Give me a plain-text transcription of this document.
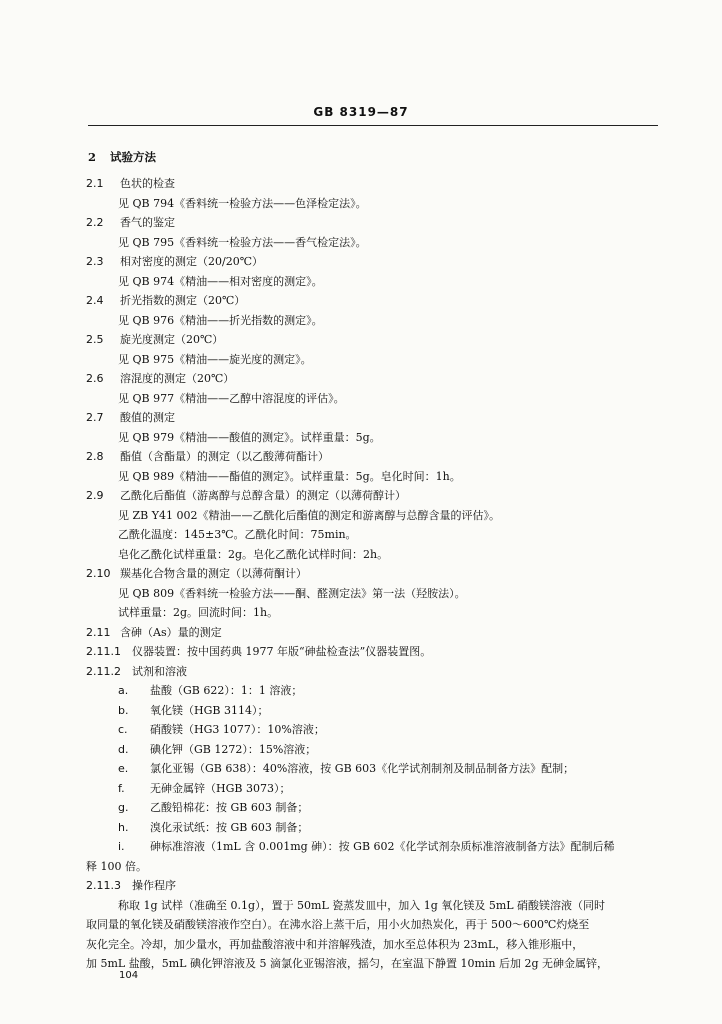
GB 8319—87
2 试验方法
2.1 色状的检查
见 QB 794《香料统一检验方法——色泽检定法》。
2.2 香气的鉴定
见 QB 795《香料统一检验方法——香气检定法》。
2.3 相对密度的测定（20/20℃）
见 QB 974《精油——相对密度的测定》。
2.4 折光指数的测定（20℃）
见 QB 976《精油——折光指数的测定》。
2.5 旋光度测定（20℃）
见 QB 975《精油——旋光度的测定》。
2.6 溶混度的测定（20℃）
见 QB 977《精油——乙醇中溶混度的评估》。
2.7 酸值的测定
见 QB 979《精油——酸值的测定》。试样重量：5g。
2.8 酯值（含酯量）的测定（以乙酸薄荷酯计）
见 QB 989《精油——酯值的测定》。试样重量：5g。皂化时间：1h。
2.9 乙酰化后酯值（游离醇与总醇含量）的测定（以薄荷醇计）
见 ZB Y41 002《精油——乙酰化后酯值的测定和游离醇与总醇含量的评估》。
乙酰化温度：145±3℃。乙酰化时间：75min。
皂化乙酰化试样重量：2g。皂化乙酰化试样时间：2h。
2.10 羰基化合物含量的测定（以薄荷酮计）
见 QB 809《香料统一检验方法——酮、醛测定法》第一法（羟胺法）。
试样重量：2g。回流时间：1h。
2.11 含砷（As）量的测定
2.11.1 仪器装置：按中国药典 1977 年版“砷盐检查法”仪器装置图。
2.11.2 试剂和溶液
a. 盐酸（GB 622）：1：1 溶液；
b. 氧化镁（HGB 3114）；
c. 硝酸镁（HG3 1077）：10%溶液；
d. 碘化钾（GB 1272）：15%溶液；
e. 氯化亚锡（GB 638）：40%溶液，按 GB 603《化学试剂制剂及制品制备方法》配制；
f. 无砷金属锌（HGB 3073）；
g. 乙酸铅棉花：按 GB 603 制备；
h. 溴化汞试纸：按 GB 603 制备；
i. 砷标准溶液（1mL 含 0.001mg 砷）：按 GB 602《化学试剂杂质标准溶液制备方法》配制后稀
释 100 倍。
2.11.3 操作程序
称取 1g 试样（准确至 0.1g），置于 50mL 瓷蒸发皿中，加入 1g 氧化镁及 5mL 硝酸镁溶液（同时
取同量的氧化镁及硝酸镁溶液作空白）。在沸水浴上蒸干后，用小火加热炭化，再于 500～600℃灼烧至
灰化完全。冷却，加少量水，再加盐酸溶液中和并溶解残渣，加水至总体积为 23mL，移入锥形瓶中，
加 5mL 盐酸，5mL 碘化钾溶液及 5 滴氯化亚锡溶液，摇匀，在室温下静置 10min 后加 2g 无砷金属锌，
104
